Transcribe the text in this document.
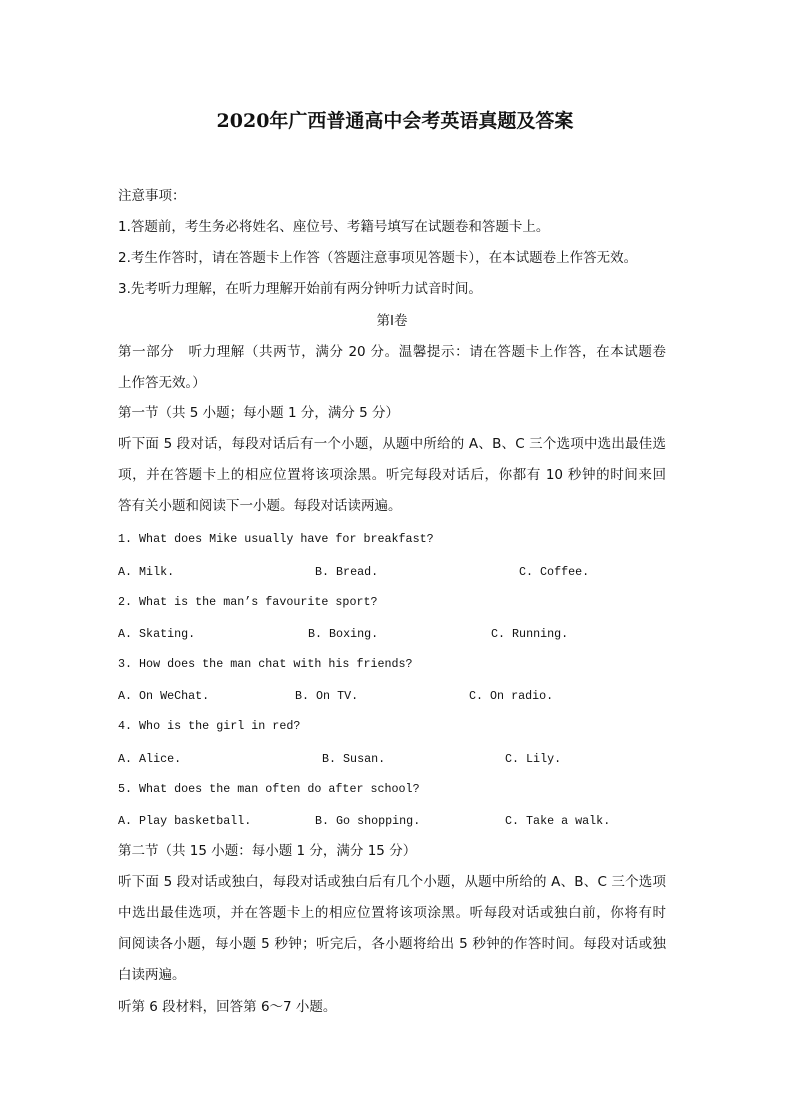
2020年广西普通高中会考英语真题及答案
注意事项：
1.答题前，考生务必将姓名、座位号、考籍号填写在试题卷和答题卡上。
2.考生作答时，请在答题卡上作答（答题注意事项见答题卡），在本试题卷上作答无效。
3.先考听力理解，在听力理解开始前有两分钟听力试音时间。
第Ⅰ卷
第一部分　听力理解（共两节，满分 20 分。温馨提示：请在答题卡上作答，在本试题卷
上作答无效。）
第一节（共 5 小题；每小题 1 分，满分 5 分）
听下面 5 段对话，每段对话后有一个小题，从题中所给的 A、B、C 三个选项中选出最佳选
项，并在答题卡上的相应位置将该项涂黑。听完每段对话后，你都有 10 秒钟的时间来回
答有关小题和阅读下一小题。每段对话读两遍。
1. What does Mike usually have for breakfast?
A. Milk.	B. Bread.	C. Coffee.
2. What is the man’s favourite sport?
A. Skating.	B. Boxing.	C. Running.
3. How does the man chat with his friends?
A. On WeChat.	B. On TV.	C. On radio.
4. Who is the girl in red?
A. Alice.	B. Susan.	C. Lily.
5. What does the man often do after school?
A. Play basketball.	B. Go shopping.	C. Take a walk.
第二节（共 15 小题：每小题 1 分，满分 15 分）
听下面 5 段对话或独白，每段对话或独白后有几个小题，从题中所给的 A、B、C 三个选项
中选出最佳选项，并在答题卡上的相应位置将该项涂黑。听每段对话或独白前，你将有时
间阅读各小题，每小题 5 秒钟；听完后，各小题将给出 5 秒钟的作答时间。每段对话或独
白读两遍。
听第 6 段材料，回答第 6～7 小题。
